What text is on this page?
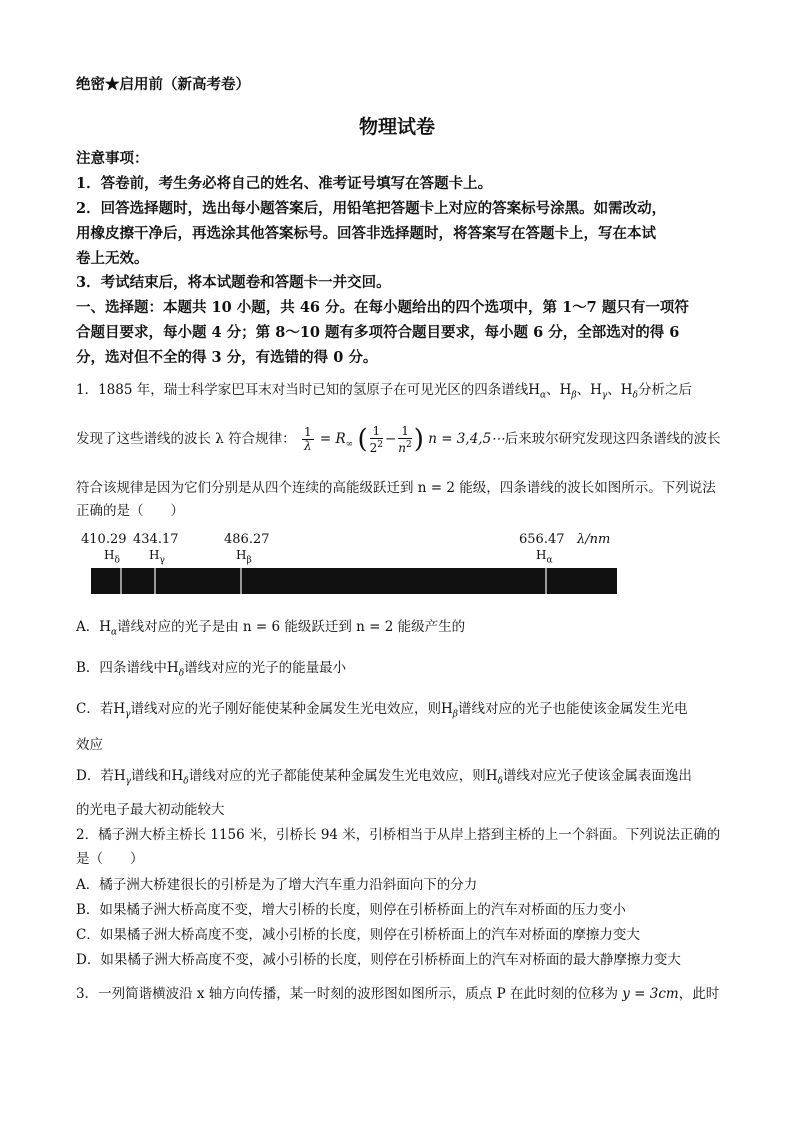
绝密★启用前（新高考卷）
物理试卷
注意事项：
1．答卷前，考生务必将自己的姓名、准考证号填写在答题卡上。
2．回答选择题时，选出每小题答案后，用铅笔把答题卡上对应的答案标号涂黑。如需改动，
用橡皮擦干净后，再选涂其他答案标号。回答非选择题时，将答案写在答题卡上，写在本试
卷上无效。
3．考试结束后，将本试题卷和答题卡一并交回。
一、选择题：本题共 10 小题，共 46 分。在每小题给出的四个选项中，第 1～7 题只有一项符
合题目要求，每小题 4 分；第 8～10 题有多项符合题目要求，每小题 6 分，全部选对的得 6
分，选对但不全的得 3 分，有选错的得 0 分。
1．1885 年，瑞士科学家巴耳末对当时已知的氢原子在可见光区的四条谱线$H_\alpha$、$H_\beta$、$H_\gamma$、$H_\delta$分析之后
发现了这些谱线的波长 λ 符合规律： $\frac{1}{\lambda} = R_\infty$ ( $\frac{1}{2^2} - \frac{1}{n^2}$ ) n = 3,4,5⋯后来玻尔研究发现这四条谱线的波长
符合该规律是因为它们分别是从四个连续的高能级跃迁到 n = 2 能级，四条谱线的波长如图所示。下列说法
正确的是（　　）
410.29 434.17	486.27	656.47 λ/nm
$H_\delta$ $H_\gamma$	$H_\beta$	$H_\alpha$
A．$H_\alpha$谱线对应的光子是由 n = 6 能级跃迁到 n = 2 能级产生的
B．四条谱线中$H_\delta$谱线对应的光子的能量最小
C．若$H_\gamma$谱线对应的光子刚好能使某种金属发生光电效应，则$H_\beta$谱线对应的光子也能使该金属发生光电
效应
D．若$H_\gamma$谱线和$H_\delta$谱线对应的光子都能使某种金属发生光电效应，则$H_\delta$谱线对应光子使该金属表面逸出
的光电子最大初动能较大
2．橘子洲大桥主桥长 1156 米，引桥长 94 米，引桥相当于从岸上搭到主桥的上一个斜面。下列说法正确的
是（　　）
A．橘子洲大桥建很长的引桥是为了增大汽车重力沿斜面向下的分力
B．如果橘子洲大桥高度不变，增大引桥的长度，则停在引桥桥面上的汽车对桥面的压力变小
C．如果橘子洲大桥高度不变，减小引桥的长度，则停在引桥桥面上的汽车对桥面的摩擦力变大
D．如果橘子洲大桥高度不变，减小引桥的长度，则停在引桥桥面上的汽车对桥面的最大静摩擦力变大
3．一列简谐横波沿 x 轴方向传播，某一时刻的波形图如图所示，质点 P 在此时刻的位移为 y = 3cm，此时
